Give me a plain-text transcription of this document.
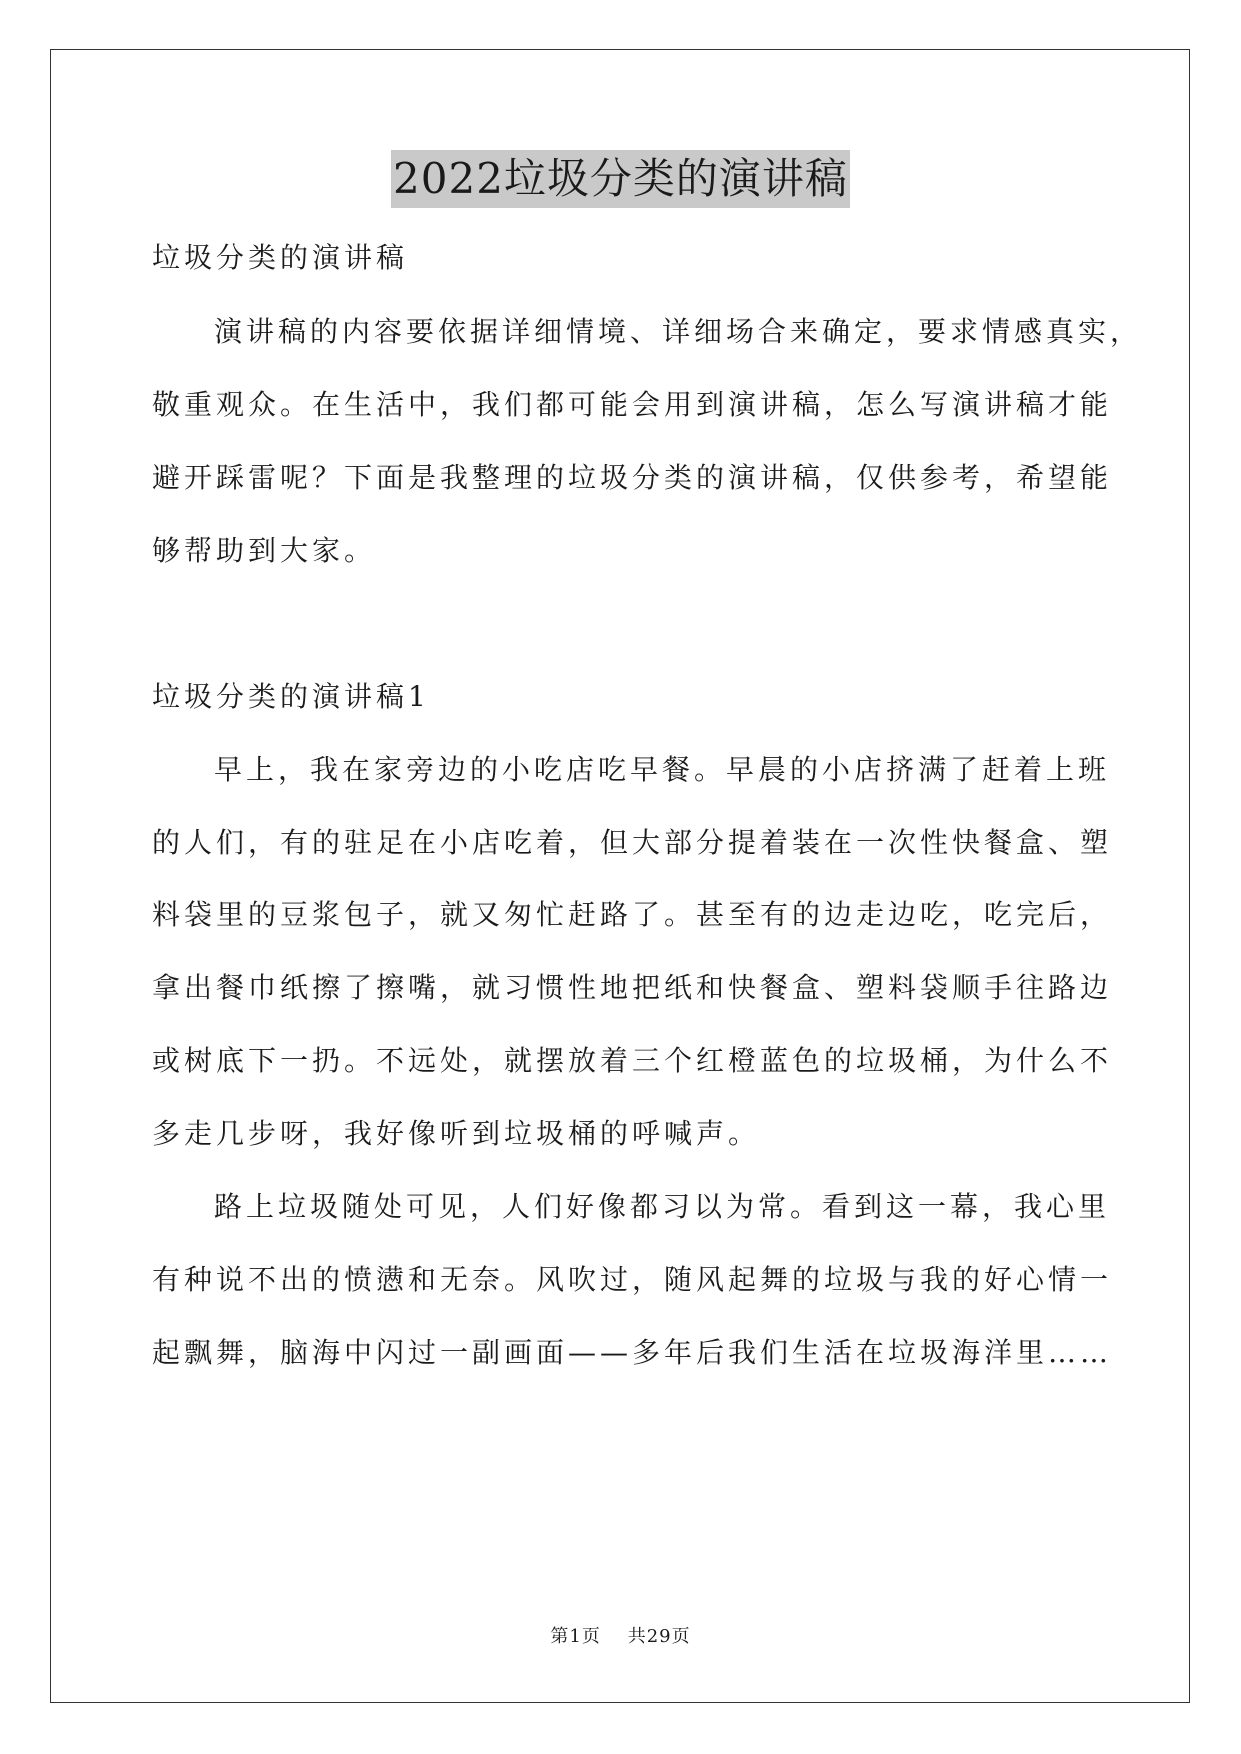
2022垃圾分类的演讲稿

垃圾分类的演讲稿

演讲稿的内容要依据详细情境、详细场合来确定，要求情感真实，

敬重观众。在生活中，我们都可能会用到演讲稿，怎么写演讲稿才能

避开踩雷呢？下面是我整理的垃圾分类的演讲稿，仅供参考，希望能

够帮助到大家。

垃圾分类的演讲稿1

早上，我在家旁边的小吃店吃早餐。早晨的小店挤满了赶着上班

的人们，有的驻足在小店吃着，但大部分提着装在一次性快餐盒、塑

料袋里的豆浆包子，就又匆忙赶路了。甚至有的边走边吃，吃完后，

拿出餐巾纸擦了擦嘴，就习惯性地把纸和快餐盒、塑料袋顺手往路边

或树底下一扔。不远处，就摆放着三个红橙蓝色的垃圾桶，为什么不

多走几步呀，我好像听到垃圾桶的呼喊声。

路上垃圾随处可见，人们好像都习以为常。看到这一幕，我心里

有种说不出的愤懑和无奈。风吹过，随风起舞的垃圾与我的好心情一

起飘舞，脑海中闪过一副画面——多年后我们生活在垃圾海洋里……

第1页 共29页
